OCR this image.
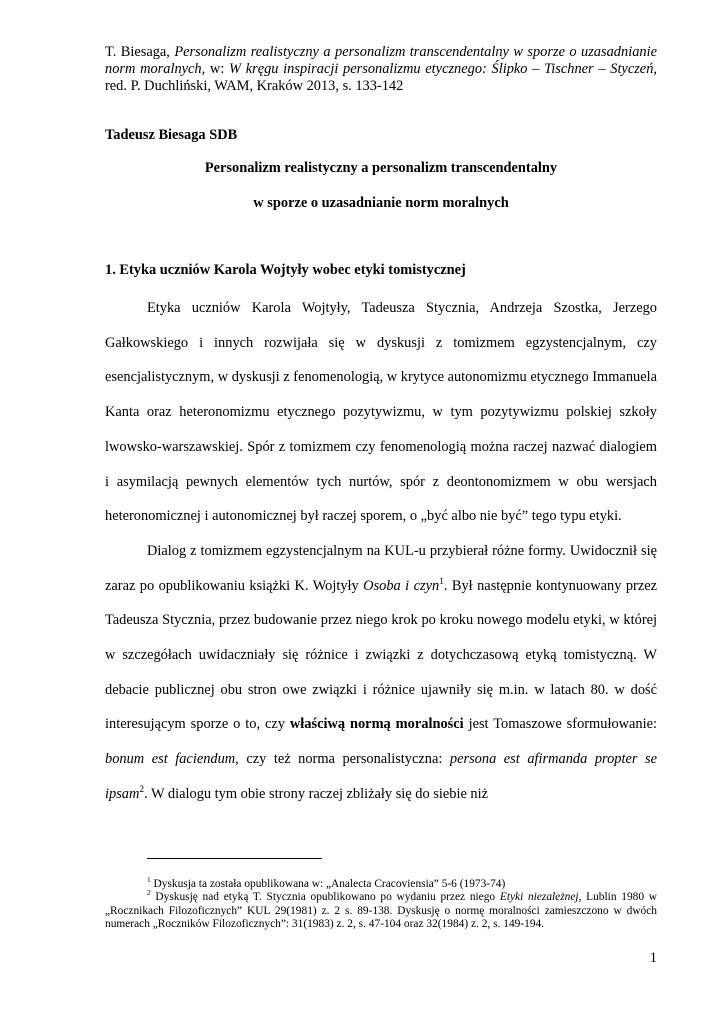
T. Biesaga, Personalizm realistyczny a personalizm transcendentalny w sporze o uzasadnianie norm moralnych, w: W kręgu inspiracji personalizmu etycznego: Ślipko – Tischner – Styczeń, red. P. Duchliński, WAM, Kraków 2013, s. 133-142
Tadeusz Biesaga SDB
Personalizm realistyczny a personalizm transcendentalny
w sporze o uzasadnianie norm moralnych
1. Etyka uczniów Karola Wojtyły wobec etyki tomistycznej

Etyka uczniów Karola Wojtyły, Tadeusza Stycznia, Andrzeja Szostka, Jerzego Gałkowskiego i innych rozwijała się w dyskusji z tomizmem egzystencjalnym, czy esencjalistycznym, w dyskusji z fenomenologią, w krytyce autonomizmu etycznego Immanuela Kanta oraz heteronomizmu etycznego pozytywizmu, w tym pozytywizmu polskiej szkoły lwowsko-warszawskiej. Spór z tomizmem czy fenomenologią można raczej nazwać dialogiem i asymilacją pewnych elementów tych nurtów, spór z deontonomizmem w obu wersjach heteronomicznej i autonomicznej był raczej sporem, o „być albo nie być” tego typu etyki.

Dialog z tomizmem egzystencjalnym na KUL-u przybierał różne formy. Uwidocznił się zaraz po opublikowaniu książki K. Wojtyły Osoba i czyn$^1$. Był następnie kontynuowany przez Tadeusza Stycznia, przez budowanie przez niego krok po kroku nowego modelu etyki, w której w szczegółach uwidaczniały się różnice i związki z dotychczasową etyką tomistyczną. W debacie publicznej obu stron owe związki i różnice ujawniły się m.in. w latach 80. w dość interesującym sporze o to, czy właściwą normą moralności jest Tomaszowe sformułowanie: bonum est faciendum, czy też norma personalistyczna: persona est afirmanda propter se ipsam$^2$. W dialogu tym obie strony raczej zbliżały się do siebie niż

$^1$ Dyskusja ta została opublikowana w: „Analecta Cracoviensia” 5-6 (1973-74)

$^2$ Dyskusję nad etyką T. Stycznia opublikowano po wydaniu przez niego Etyki niezależnej, Lublin 1980 w „Rocznikach Filozoficznych” KUL 29(1981) z. 2 s. 89-138. Dyskusję o normę moralności zamieszczono w dwóch numerach „Roczników Filozoficznych”: 31(1983) z. 2, s. 47-104 oraz 32(1984) z. 2, s. 149-194.

1
